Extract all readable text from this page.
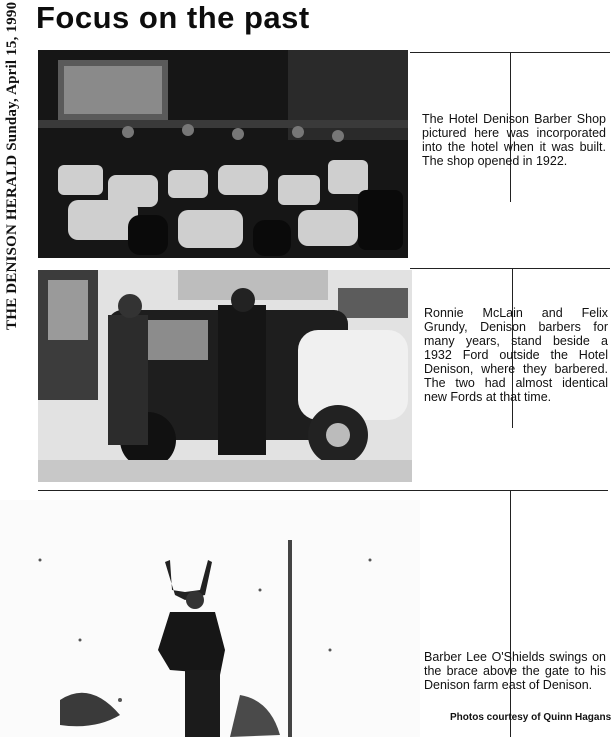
THE DENISON HERALD Sunday, April 15, 1990 Focus on the past
The Hotel Denison Barber Shop pictured here was incorporated into the hotel when it was built. The shop opened in 1922.
Ronnie McLain and Felix Grundy, Denison barbers for many years, stand beside a 1932 Ford outside the Hotel Denison, where they barbered. The two had almost identical new Fords at that time.
Barber Lee O'Shields swings on the brace above the gate to his Denison farm east of Denison.
Photos courtesy of Quinn Hagans
